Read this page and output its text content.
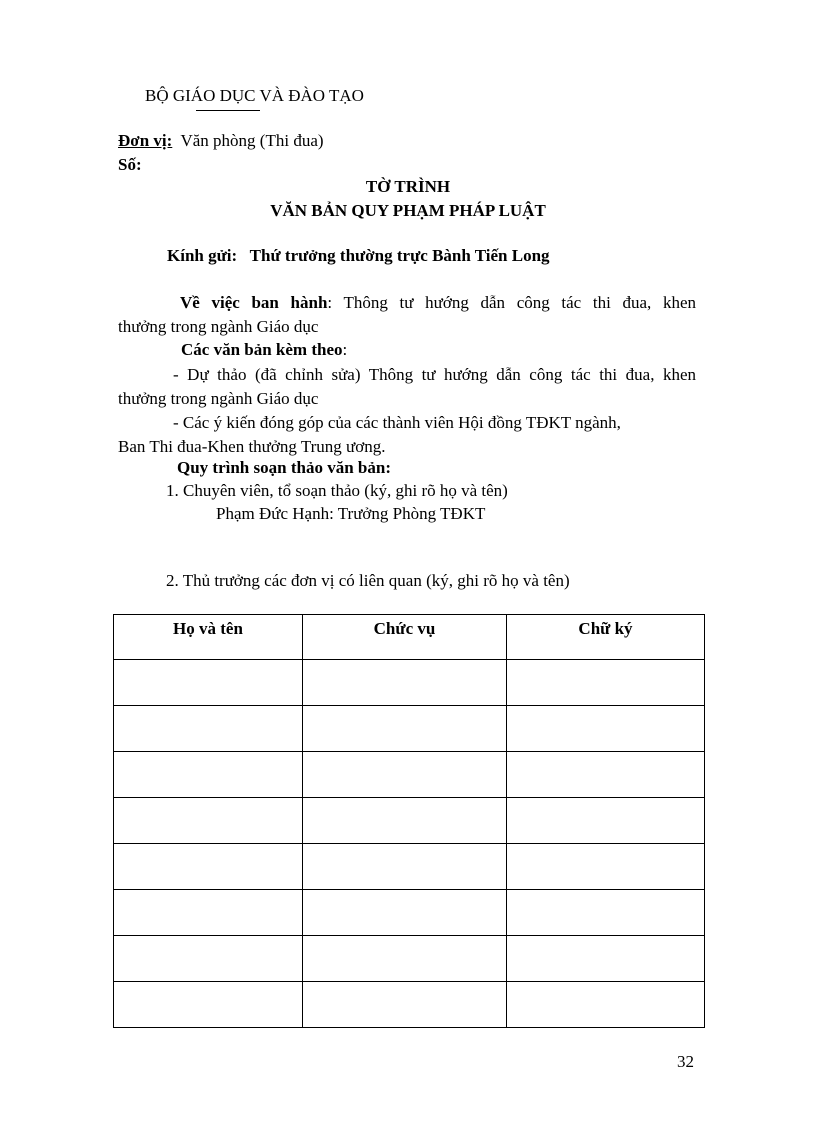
BỘ GIÁO DỤC VÀ ĐÀO TẠO
Đơn vị: Văn phòng (Thi đua)
Số:
TỜ TRÌNH
VĂN BẢN QUY PHẠM PHÁP LUẬT
Kính gửi: Thứ trưởng thường trực Bành Tiến Long
Về việc ban hành: Thông tư hướng dẫn công tác thi đua, khen
thưởng trong ngành Giáo dục
Các văn bản kèm theo:
- Dự thảo (đã chỉnh sửa) Thông tư hướng dẫn công tác thi đua, khen
thưởng trong ngành Giáo dục
- Các ý kiến đóng góp của các thành viên Hội đồng TĐKT ngành,
Ban Thi đua-Khen thưởng Trung ương.
Quy trình soạn thảo văn bản:
1. Chuyên viên, tổ soạn thảo (ký, ghi rõ họ và tên)
Phạm Đức Hạnh: Trưởng Phòng TĐKT
2. Thủ trưởng các đơn vị có liên quan (ký, ghi rõ họ và tên)
Họ và tên	Chức vụ	Chữ ký

32
